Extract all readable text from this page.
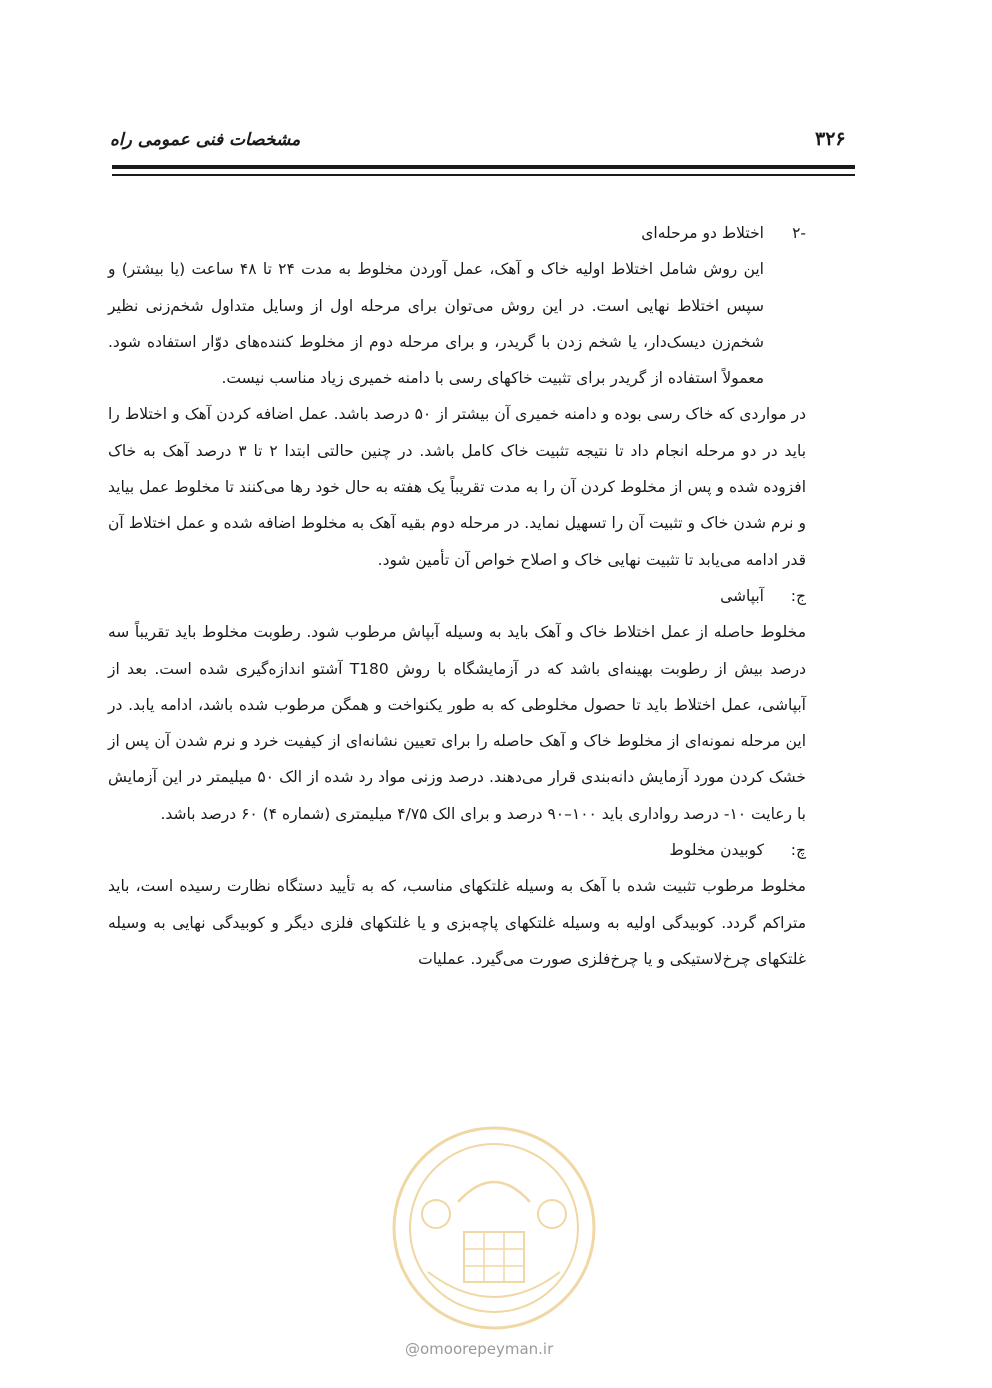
مشخصات فنی عمومی راه	۳۲۶
-۲
اختلاط دو مرحله‌ای
این روش شامل اختلاط اولیه خاک و آهک، عمل آوردن مخلوط به مدت ۲۴ تا ۴۸ ساعت (یا بیشتر) و سپس اختلاط نهایی است. در این روش می‌توان برای مرحله اول از وسایل متداول شخم‌زنی نظیر شخم‌زن دیسک‌دار، یا شخم زدن با گریدر، و برای مرحله دوم از مخلوط کننده‌های دوّار استفاده شود. معمولاً استفاده از گریدر برای تثبیت خاکهای رسی با دامنه خمیری زیاد مناسب نیست.
در مواردی که خاک رسی بوده و دامنه خمیری آن بیشتر از ۵۰ درصد باشد. عمل اضافه کردن آهک و اختلاط را باید در دو مرحله انجام داد تا نتیجه تثبیت خاک کامل باشد. در چنین حالتی ابتدا ۲ تا ۳ درصد آهک به خاک افزوده شده و پس از مخلوط کردن آن را به مدت تقریباً یک هفته به حال خود رها می‌کنند تا مخلوط عمل بیاید و نرم شدن خاک و تثبیت آن را تسهیل نماید. در مرحله دوم بقیه آهک به مخلوط اضافه شده و عمل اختلاط آن قدر ادامه می‌یابد تا تثبیت نهایی خاک و اصلاح خواص آن تأمین شود.
ج:
آبپاشی
مخلوط حاصله از عمل اختلاط خاک و آهک باید به وسیله آبپاش مرطوب شود. رطوبت مخلوط باید تقریباً سه درصد بیش از رطوبت بهینه‌ای باشد که در آزمایشگاه با روش T180 آشتو اندازه‌گیری شده است. بعد از آبپاشی، عمل اختلاط باید تا حصول مخلوطی که به طور یکنواخت و همگن مرطوب شده باشد، ادامه یابد. در این مرحله نمونه‌ای از مخلوط خاک و آهک حاصله را برای تعیین نشانه‌ای از کیفیت خرد و نرم شدن آن پس از خشک کردن مورد آزمایش دانه‌بندی قرار می‌دهند. درصد وزنی مواد رد شده از الک ۵۰ میلیمتر در این آزمایش با رعایت ۱۰- درصد رواداری باید ۱۰۰–۹۰ درصد و برای الک ۴/۷۵ میلیمتری (شماره ۴) ۶۰ درصد باشد.
چ:
کوبیدن مخلوط
مخلوط مرطوب تثبیت شده با آهک به وسیله غلتکهای مناسب، که به تأیید دستگاه نظارت رسیده است، باید متراکم گردد. کوبیدگی اولیه به وسیله غلتکهای پاچه‌بزی و یا غلتکهای فلزی دیگر و کوبیدگی نهایی به وسیله غلتکهای چرخ‌لاستیکی و یا چرخ‌فلزی صورت می‌گیرد. عملیات
@omoorepeyman.ir
